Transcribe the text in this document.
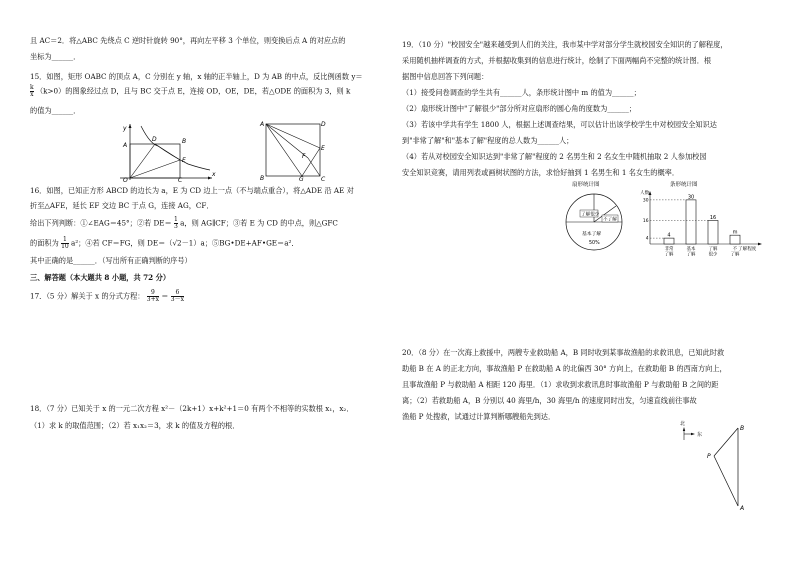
且 AC＝2．将△ABC 先绕点 C 逆时针旋转 90°，再向左平移 3 个单位，则变换后点 A 的对应点的
坐标为______．
15．如图，矩形 OABC 的顶点 A，C 分别在 y 轴，x 轴的正半轴上，D 为 AB 的中点，反比例函数 y＝
$\frac{k}{x} (k>0)$的图象经过点 D，且与 BC 交于点 E，连接 OD，OE，DE，若△ODE 的面积为 3，则 k
的值为______．
y
A
D	B
E
O	C
x
A	D
F
E
B	G	C
16．如图，已知正方形 ABCD 的边长为 a，E 为 CD 边上一点（不与端点重合），将△ADE 沿 AE 对
折至△AFE，延长 EF 交边 BC 于点 G，连接 AG，CF．
给出下列判断：①∠EAG＝45°；②若 $DE= \frac{1}{3}$ a，则 AG∥CF；③若 E 为 CD 的中点，则△GFC
的面积为 $\frac{1}{10} a^2$；④若 CF＝FG，则 DE＝（√2－1）a；⑤BG•DE+AF•GE＝a²．
其中正确的是______．（写出所有正确判断的序号）
三、解答题（本大题共 8 小题，共 72 分）
17．（5 分）解关于 x 的分式方程： $\frac{9}{3+x} = \frac{6}{3-x}$
18．（7 分）已知关于 x 的一元二次方程 x²－（2k+1）x+k²+1＝0 有两个不相等的实数根 x₁，x₂．
（1）求 k 的取值范围；（2）若 x₁x₂＝3，求 k 的值及方程的根．
19．（10 分）"校园安全"越来越受到人们的关注，我市某中学对部分学生就校园安全知识的了解程度，
采用随机抽样调查的方式，并根据收集到的信息进行统计，绘制了下面两幅尚不完整的统计图．根
据图中信息回答下列问题：
（1）接受问卷调查的学生共有______人，条形统计图中 m 的值为______；
（2）扇形统计图中"了解很少"部分所对应扇形的圆心角的度数为______；
（3）若该中学共有学生 1800 人，根据上述调查结果，可以估计出该学校学生中对校园安全知识达
到"非常了解"和"基本了解"程度的总人数为______人；
（4）若从对校园安全知识达到"非常了解"程度的 2 名男生和 2 名女生中随机抽取 2 人参加校园
安全知识竞赛，请用列表或画树状图的方法，求恰好抽到 1 名男生和 1 名女生的概率．
扇形统计图
了解很少
不了解
基本了解
50%
条形统计图
人数
了解程度
4
非常
了解
30
基本
了解
16
了解
很少
m
不
了解
30
16
4
20．（8 分）在一次海上救援中，两艘专业救助船 A，B 同时收到某事故渔船的求救讯息，已知此时救
助船 B 在 A 的正北方向，事故渔船 P 在救助船 A 的北偏西 30° 方向上，在救助船 B 的西南方向上，
且事故渔船 P 与救助船 A 相距 120 海里．（1）求收到求救讯息时事故渔船 P 与救助船 B 之间的距
离；（2）若救助船 A，B 分别以 40 海里/h，30 海里/h 的速度同时出发，匀速直线前往事故
渔船 P 处搜救，试通过计算判断哪艘船先到达．
北
东
B
P
A
